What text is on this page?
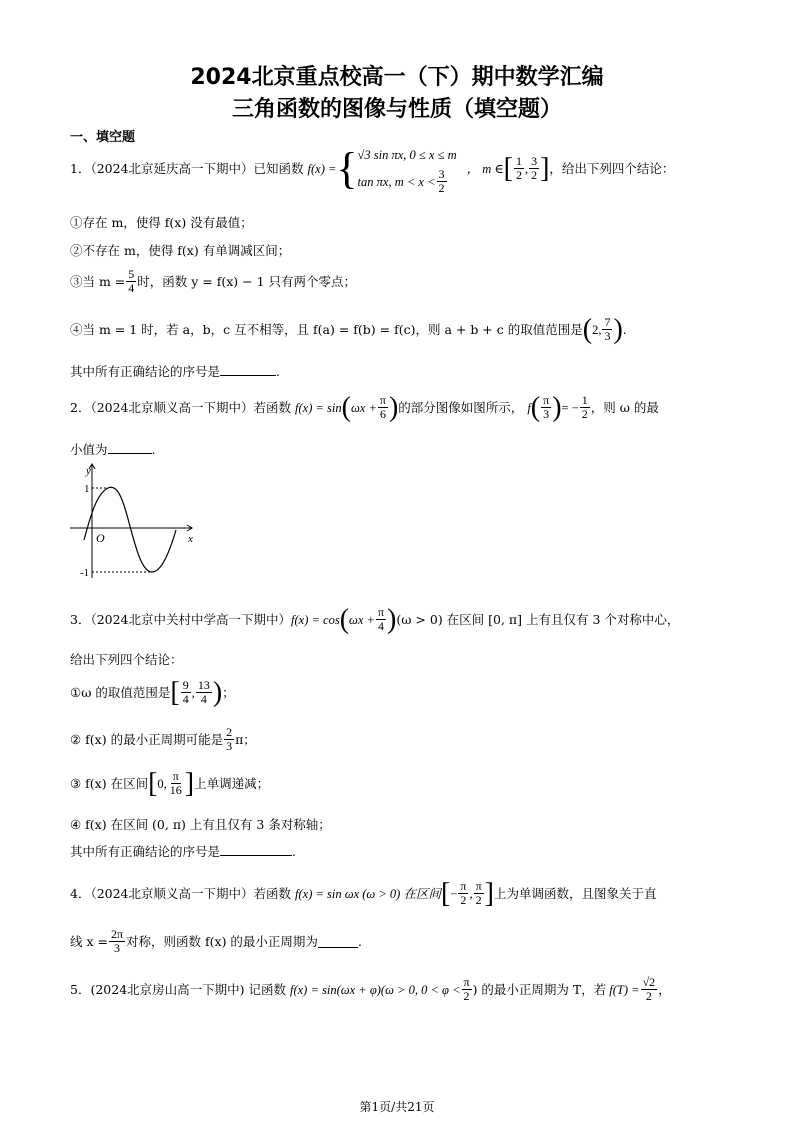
2024北京重点校高一（下）期中数学汇编
三角函数的图像与性质（填空题）
一、填空题
1．（2024北京延庆高一下期中）已知函数 f(x) = { √3 sin πx, 0 ≤ x ≤ m
tan πx, $m < x < \frac{3}{2}$ ， m ∈ [ $\frac{1}{2}$ , $\frac{3}{2}$ ] ，给出下列四个结论：
①存在 m，使得 f(x) 没有最值；
②不存在 m，使得 f(x) 有单调减区间；
③当 $m = \frac{5}{4}$ 时，函数 y = f(x) − 1 只有两个零点；
④当 m = 1 时，若 a，b，c 互不相等，且 f(a) = f(b) = f(c)，则 a + b + c 的取值范围是 ( 2, $\frac{7}{3}$ ) .
其中所有正确结论的序号是	.
2．（2024北京顺义高一下期中）若函数 f(x) = sin ( $\omega x + \frac{\pi}{6}$ ) 的部分图像如图所示， f ( $\frac{\pi}{3}$ ) = − $\frac{1}{2}$ ，则 ω 的最
小值为	.
y
x
O
1
-1
3．（2024北京中关村中学高一下期中） f(x) = cos ( $\omega x + \frac{\pi}{4}$ ) (ω > 0) 在区间 [0, π] 上有且仅有 3 个对称中心，
给出下列四个结论：
①ω 的取值范围是 [ $\frac{9}{4}$ , $\frac{13}{4}$ ) ；
② f(x) 的最小正周期可能是 $\frac{2}{3}$ π；
③ f(x) 在区间 [ 0, $\frac{\pi}{16}$ ] 上单调递减；
④ f(x) 在区间 (0, π) 上有且仅有 3 条对称轴；
其中所有正确结论的序号是	.
4．（2024北京顺义高一下期中）若函数 f(x) = sin ωx (ω > 0) 在区间 [ − $\frac{\pi}{2}$ , $\frac{\pi}{2}$ ] 上为单调函数，且图象关于直
线 $x = \frac{2\pi}{3}$ 对称，则函数 f(x) 的最小正周期为	.
5．(2024北京房山高一下期中) 记函数 f(x) = sin(ωx + φ)(ω > 0, $0 < \varphi < \frac{\pi}{2}$ ) 的最小正周期为 T，若 $f(T) = \frac{√2}{2}$ ，
第1页/共21页
